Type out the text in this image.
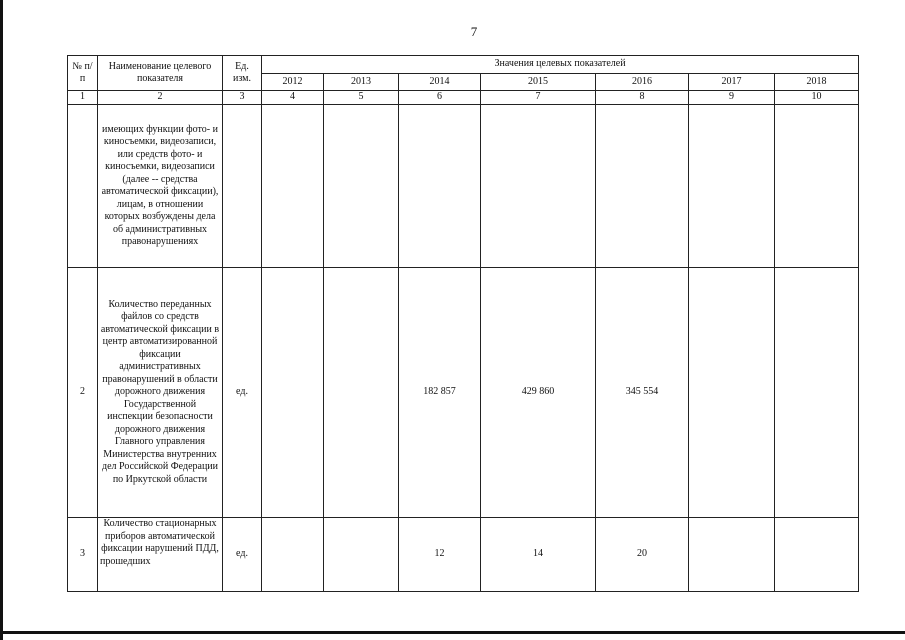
7
№ п/п	Наименование целевого показателя	Ед. изм.	Значения целевых показателей						
			2012	2013	2014	2015	2016	2017	2018
1	2	3	4	5	6	7	8	9	10
	имеющих функции фото- и киносъемки, видеозаписи, или средств фото- и киносъемки, видеозаписи (далее -- средства автоматической фиксации), лицам, в отношении которых возбуждены дела об административных правонарушениях								
2	Количество переданных файлов со средств автоматической фиксации в центр автоматизированной фиксации административных правонарушений в области дорожного движения Государственной инспекции безопасности дорожного движения Главного управления Министерства внутренних дел Российской Федерации по Иркутской области	ед.			182 857	429 860	345 554		
3	Количество стационарных приборов автоматической фиксации нарушений ПДД, прошедших	ед.			12	14	20		
